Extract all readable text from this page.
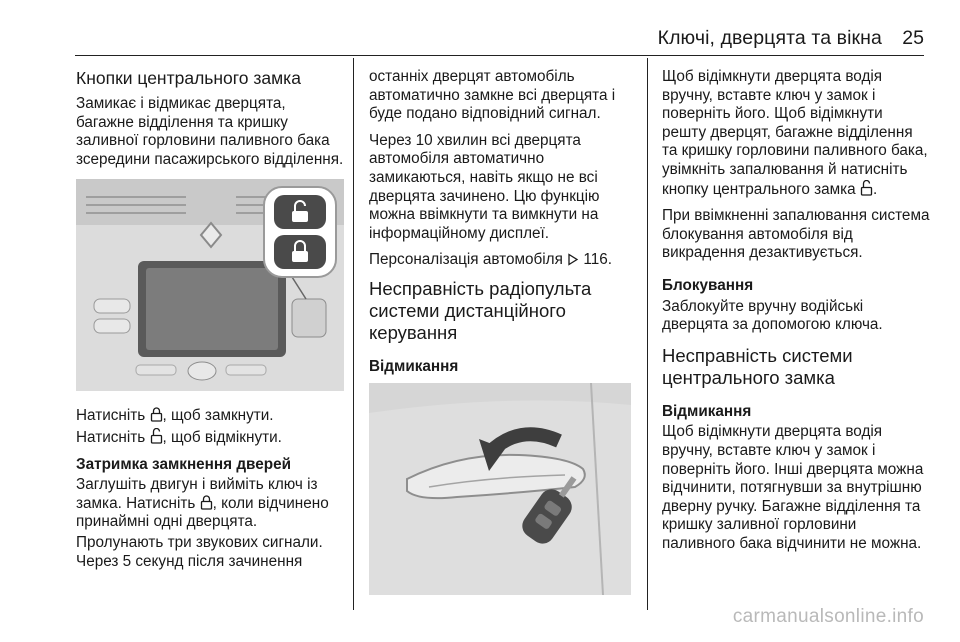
Ключі, дверцята та вікна 25
Кнопки центрального замка

Замикає і відмикає дверцята, багажне відділення та кришку заливної горловини паливного бака зсередини пасажирського відділення.

Натисніть , щоб замкнути.

Натисніть , щоб відмікнути.

Затримка замкнення дверей

Заглушіть двигун і вийміть ключ із замка. Натисніть , коли відчинено принаймні одні дверцята.

Пролунають три звукових сигнали. Через 5 секунд після зачинення

останніх дверцят автомобіль автоматично замкне всі дверцята і буде подано відповідний сигнал.

Через 10 хвилин всі дверцята автомобіля автоматично замикаються, навіть якщо не всі дверцята зачинено. Цю функцію можна ввімкнути та вимкнути на інформаційному дисплеї.

Персоналізація автомобіля 116.

Несправність радіопульта системи дистанційного керування
Відмикання

Щоб відімкнути дверцята водія вручну, вставте ключ у замок і поверніть його. Щоб відімкнути решту дверцят, багажне відділення та кришку горловини паливного бака, увімкніть запалювання й натисніть кнопку центрального замка .

При ввімкненні запалювання система блокування автомобіля від викрадення дезактивується.

Блокування

Заблокуйте вручну водійські дверцята за допомогою ключа.

Несправність системи центрального замка
Відмикання

Щоб відімкнути дверцята водія вручну, вставте ключ у замок і поверніть його. Інші дверцята можна відчинити, потягнувши за внутрішню дверну ручку. Багажне відділення та кришку заливної горловини паливного бака відчинити не можна.

carmanualsonline.info
